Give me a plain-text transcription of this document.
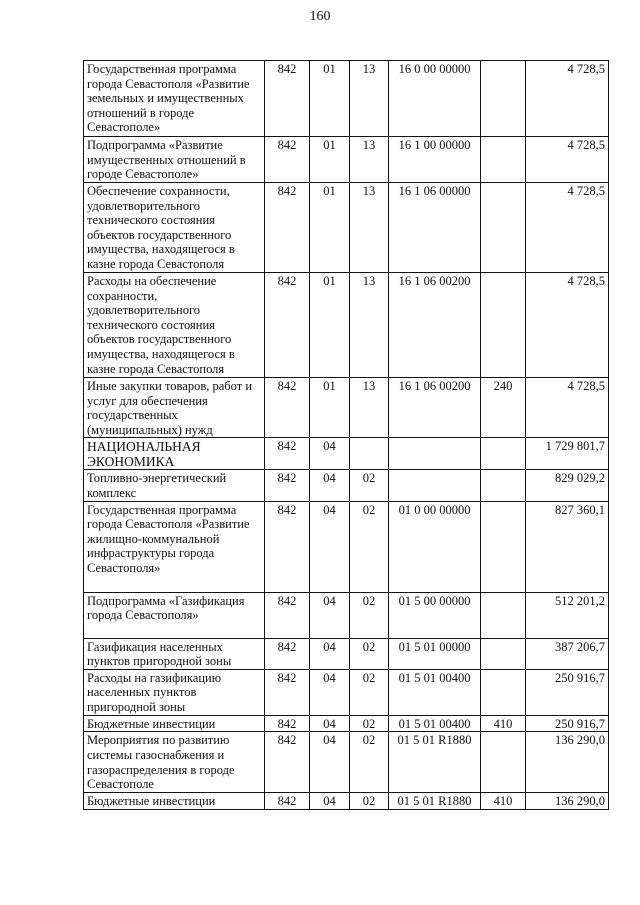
160
Государственная программа города Севастополя «Развитие земельных и имущественных отношений в городе Севастополе»	842	01	13	16 0 00 00000		4 728,5
Подпрограмма «Развитие имущественных отношений в городе Севастополе»	842	01	13	16 1 00 00000		4 728,5
Обеспечение сохранности, удовлетворительного технического состояния объектов государственного имущества, находящегося в казне города Севастополя	842	01	13	16 1 06 00000		4 728,5
Расходы на обеспечение сохранности, удовлетворительного технического состояния объектов государственного имущества, находящегося в казне города Севастополя	842	01	13	16 1 06 00200		4 728,5
Иные закупки товаров, работ и услуг для обеспечения государственных (муниципальных) нужд	842	01	13	16 1 06 00200	240	4 728,5
НАЦИОНАЛЬНАЯ ЭКОНОМИКА	842	04				1 729 801,7
Топливно-энергетический комплекс	842	04	02			829 029,2
Государственная программа города Севастополя «Развитие жилищно-коммунальной инфраструктуры города Севастополя»	842	04	02	01 0 00 00000		827 360,1
Подпрограмма «Газификация города Севастополя»	842	04	02	01 5 00 00000		512 201,2
Газификация населенных пунктов пригородной зоны	842	04	02	01 5 01 00000		387 206,7
Расходы на газификацию населенных пунктов пригородной зоны	842	04	02	01 5 01 00400		250 916,7
Бюджетные инвестиции	842	04	02	01 5 01 00400	410	250 916,7
Мероприятия по развитию системы газоснабжения и газораспределения в городе Севастополе	842	04	02	01 5 01 R1880		136 290,0
Бюджетные инвестиции	842	04	02	01 5 01 R1880	410	136 290,0
